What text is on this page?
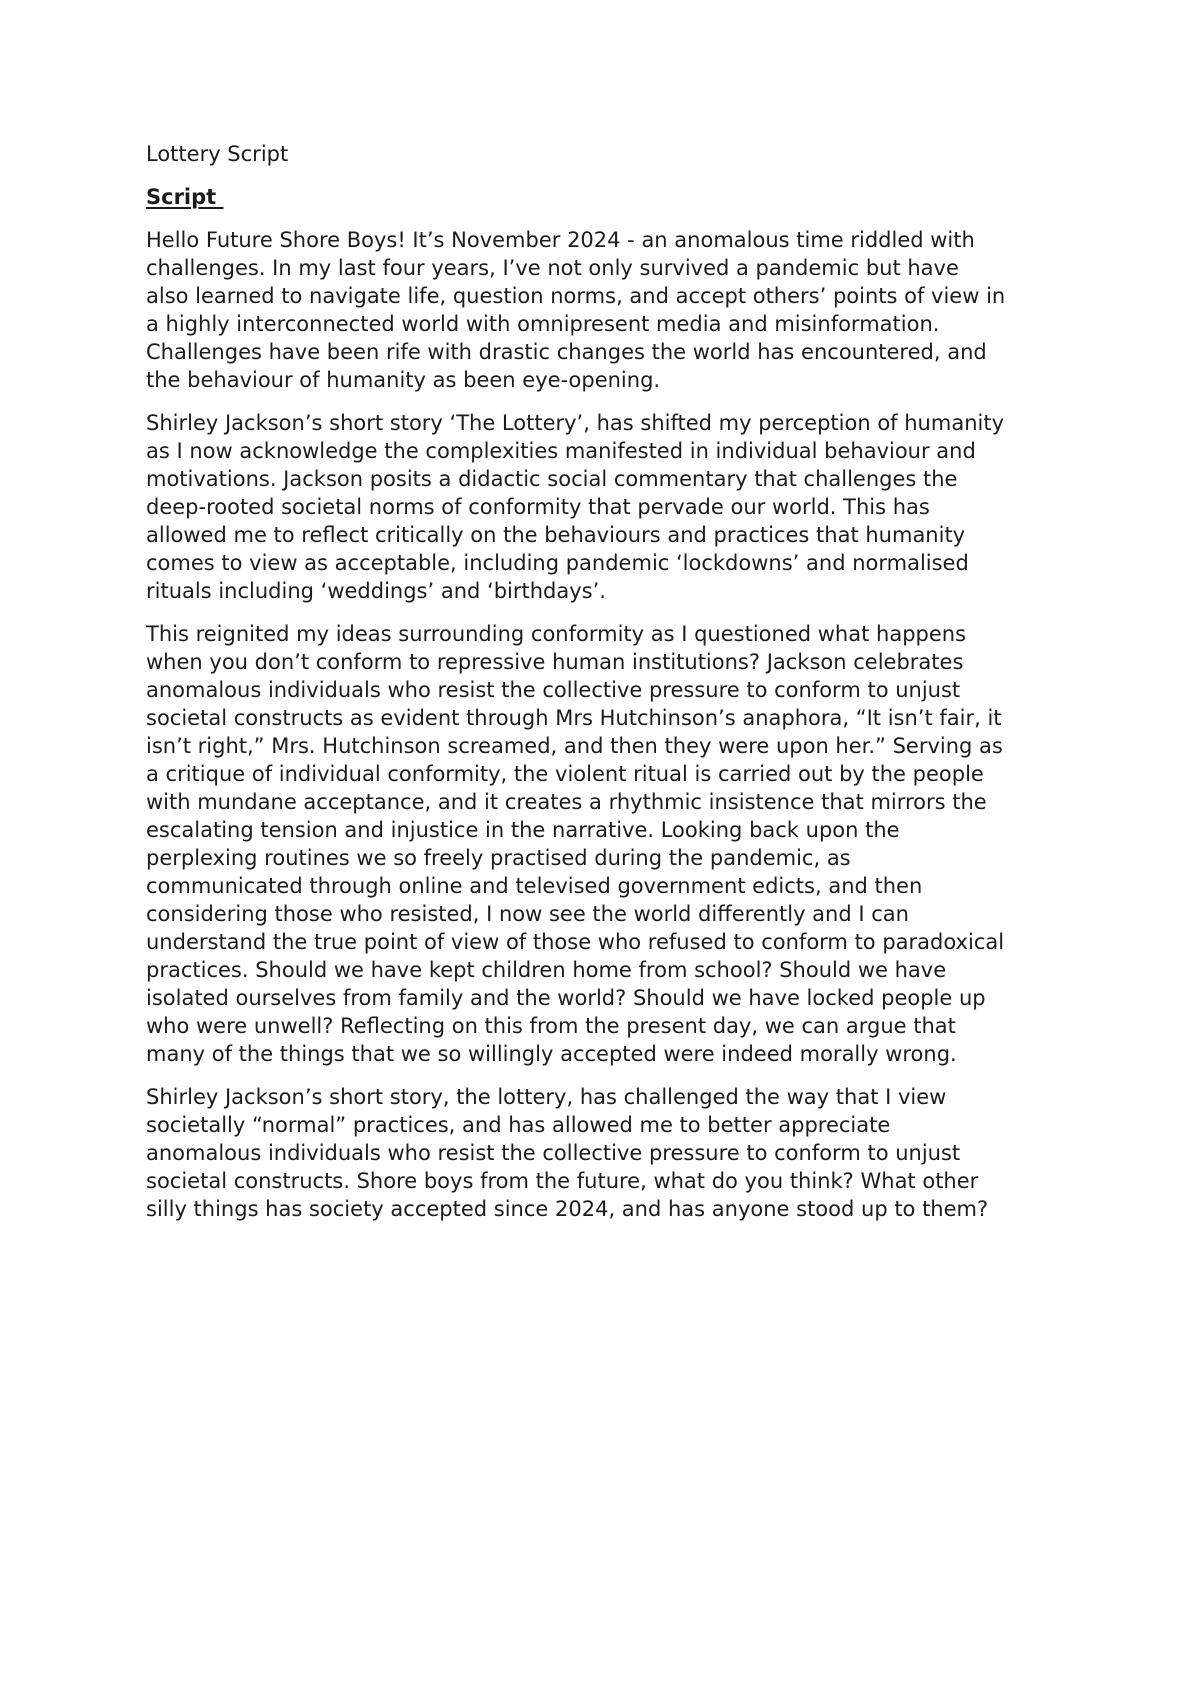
Lottery Script

Script

Hello Future Shore Boys! It’s November 2024 - an anomalous time riddled with
challenges. In my last four years, I’ve not only survived a pandemic but have
also learned to navigate life, question norms, and accept others’ points of view in
a highly interconnected world with omnipresent media and misinformation.
Challenges have been rife with drastic changes the world has encountered, and
the behaviour of humanity as been eye-opening.

Shirley Jackson’s short story ‘The Lottery’, has shifted my perception of humanity
as I now acknowledge the complexities manifested in individual behaviour and
motivations. Jackson posits a didactic social commentary that challenges the
deep-rooted societal norms of conformity that pervade our world. This has
allowed me to reflect critically on the behaviours and practices that humanity
comes to view as acceptable, including pandemic ‘lockdowns’ and normalised
rituals including ‘weddings’ and ‘birthdays’.

This reignited my ideas surrounding conformity as I questioned what happens
when you don’t conform to repressive human institutions? Jackson celebrates
anomalous individuals who resist the collective pressure to conform to unjust
societal constructs as evident through Mrs Hutchinson’s anaphora, “It isn’t fair, it
isn’t right,” Mrs. Hutchinson screamed, and then they were upon her.” Serving as
a critique of individual conformity, the violent ritual is carried out by the people
with mundane acceptance, and it creates a rhythmic insistence that mirrors the
escalating tension and injustice in the narrative. Looking back upon the
perplexing routines we so freely practised during the pandemic, as
communicated through online and televised government edicts, and then
considering those who resisted, I now see the world differently and I can
understand the true point of view of those who refused to conform to paradoxical
practices. Should we have kept children home from school? Should we have
isolated ourselves from family and the world? Should we have locked people up
who were unwell? Reflecting on this from the present day, we can argue that
many of the things that we so willingly accepted were indeed morally wrong.

Shirley Jackson’s short story, the lottery, has challenged the way that I view
societally “normal” practices, and has allowed me to better appreciate
anomalous individuals who resist the collective pressure to conform to unjust
societal constructs. Shore boys from the future, what do you think? What other
silly things has society accepted since 2024, and has anyone stood up to them?
